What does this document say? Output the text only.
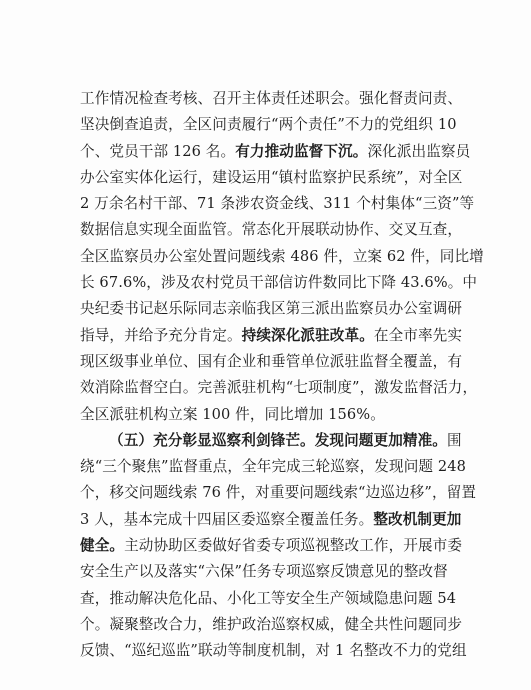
工作情况检查考核、召开主体责任述职会。强化督责问责、
坚决倒查追责，全区问责履行“两个责任”不力的党组织 10
个、党员干部 126 名。有力推动监督下沉。深化派出监察员
办公室实体化运行，建设运用“镇村监察护民系统”，对全区
2 万余名村干部、71 条涉农资金线、311 个村集体“三资”等
数据信息实现全面监管。常态化开展联动协作、交叉互查，
全区监察员办公室处置问题线索 486 件，立案 62 件，同比增
长 67.6%，涉及农村党员干部信访件数同比下降 43.6%。中
央纪委书记赵乐际同志亲临我区第三派出监察员办公室调研
指导，并给予充分肯定。持续深化派驻改革。在全市率先实
现区级事业单位、国有企业和垂管单位派驻监督全覆盖，有
效消除监督空白。完善派驻机构“七项制度”，激发监督活力，
全区派驻机构立案 100 件，同比增加 156%。
（五）充分彰显巡察利剑锋芒。发现问题更加精准。围
绕“三个聚焦”监督重点，全年完成三轮巡察，发现问题 248
个，移交问题线索 76 件，对重要问题线索“边巡边移”，留置
3 人，基本完成十四届区委巡察全覆盖任务。整改机制更加
健全。主动协助区委做好省委专项巡视整改工作，开展市委
安全生产以及落实“六保”任务专项巡察反馈意见的整改督
查，推动解决危化品、小化工等安全生产领域隐患问题 54
个。凝聚整改合力，维护政治巡察权威，健全共性问题同步
反馈、“巡纪巡监”联动等制度机制，对 1 名整改不力的党组
